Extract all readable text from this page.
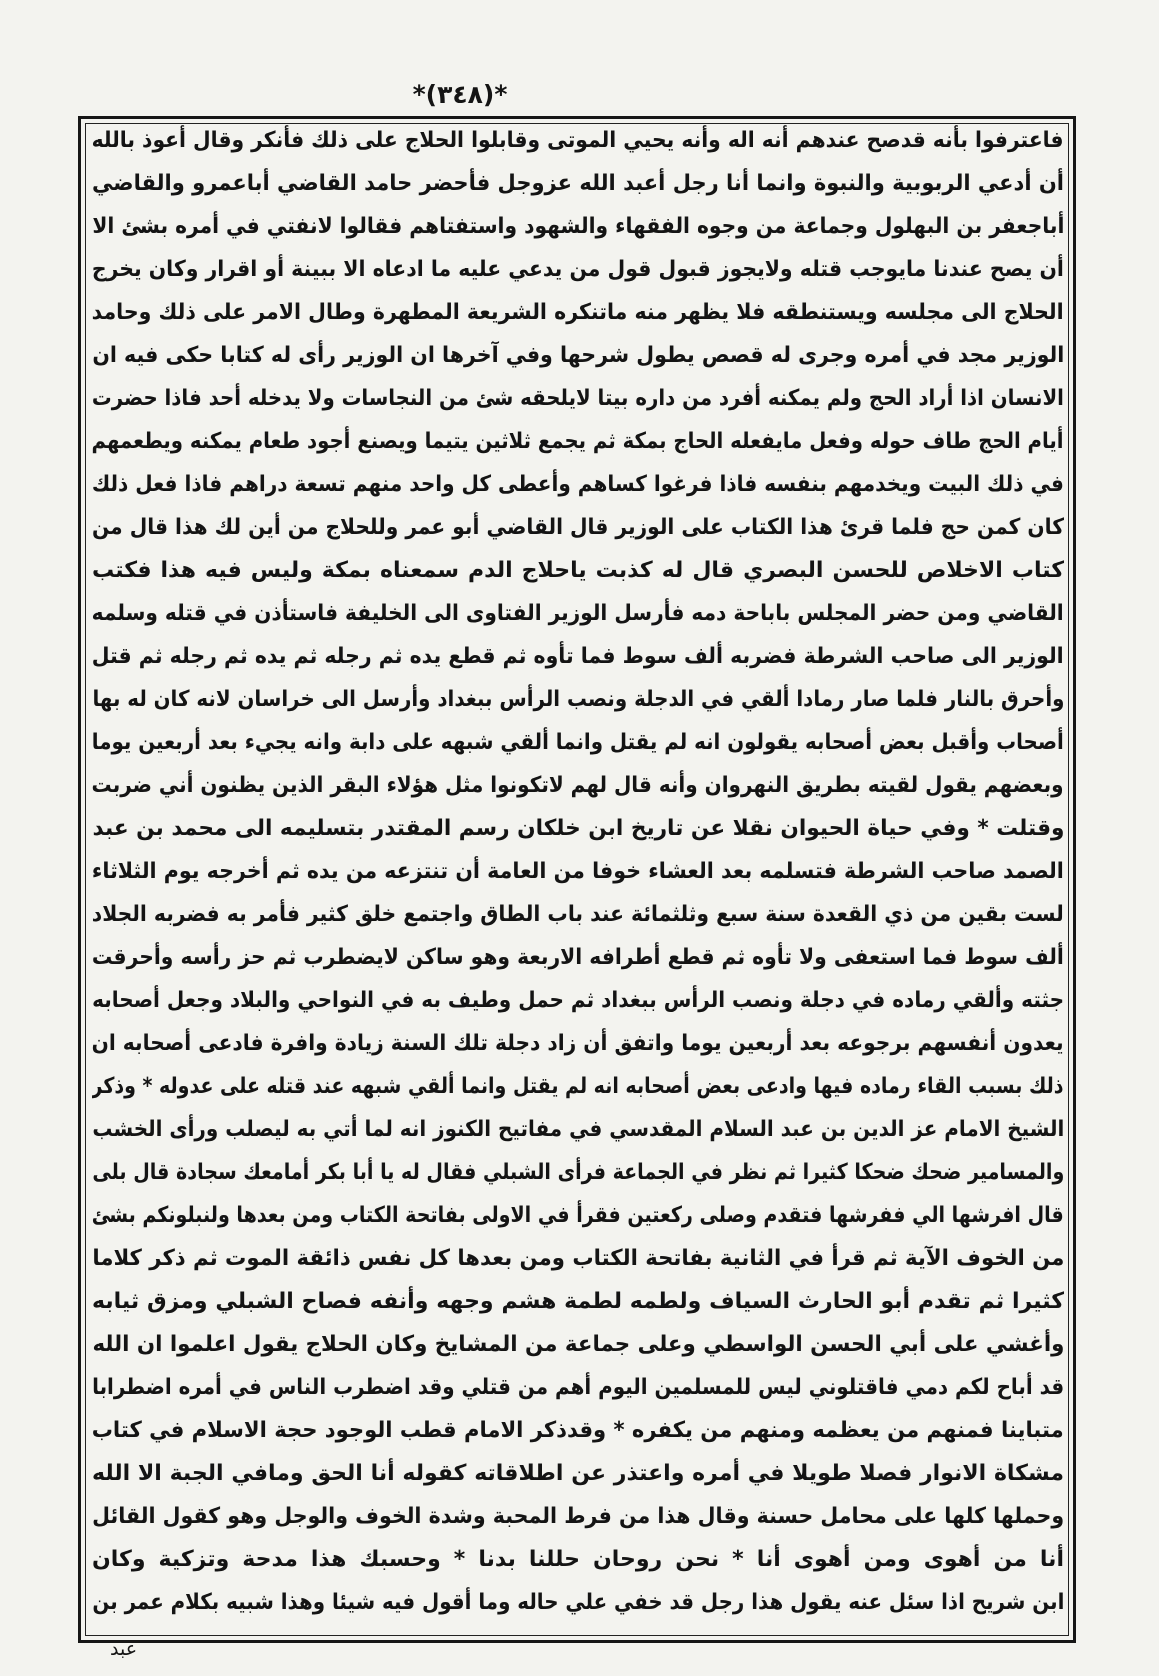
*(٣٤٨)*
فاعترفوا بأنه قدصح عندهم أنه اله وأنه يحيي الموتى وقابلوا الحلاج على ذلك فأنكر وقال أعوذ بالله
أن أدعي الربوبية والنبوة وانما أنا رجل أعبد الله عزوجل فأحضر حامد القاضي أباعمرو والقاضي
أباجعفر بن البهلول وجماعة من وجوه الفقهاء والشهود واستفتاهم فقالوا لانفتي في أمره بشئ الا
أن يصح عندنا مايوجب قتله ولايجوز قبول قول من يدعي عليه ما ادعاه الا ببينة أو اقرار وكان يخرج
الحلاج الى مجلسه ويستنطقه فلا يظهر منه ماتنكره الشريعة المطهرة وطال الامر على ذلك وحامد
الوزير مجد في أمره وجرى له قصص يطول شرحها وفي آخرها ان الوزير رأى له كتابا حكى فيه ان
الانسان اذا أراد الحج ولم يمكنه أفرد من داره بيتا لايلحقه شئ من النجاسات ولا يدخله أحد فاذا حضرت
أيام الحج طاف حوله وفعل مايفعله الحاج بمكة ثم يجمع ثلاثين يتيما ويصنع أجود طعام يمكنه ويطعمهم
في ذلك البيت ويخدمهم بنفسه فاذا فرغوا كساهم وأعطى كل واحد منهم تسعة دراهم فاذا فعل ذلك
كان كمن حج فلما قرئ هذا الكتاب على الوزير قال القاضي أبو عمر وللحلاج من أين لك هذا قال من
كتاب الاخلاص للحسن البصري قال له كذبت ياحلاج الدم سمعناه بمكة وليس فيه هذا فكتب
القاضي ومن حضر المجلس باباحة دمه فأرسل الوزير الفتاوى الى الخليفة فاستأذن في قتله وسلمه
الوزير الى صاحب الشرطة فضربه ألف سوط فما تأوه ثم قطع يده ثم رجله ثم يده ثم رجله ثم قتل
وأحرق بالنار فلما صار رمادا ألقي في الدجلة ونصب الرأس ببغداد وأرسل الى خراسان لانه كان له بها
أصحاب وأقبل بعض أصحابه يقولون انه لم يقتل وانما ألقي شبهه على دابة وانه يجيء بعد أربعين يوما
وبعضهم يقول لقيته بطريق النهروان وأنه قال لهم لاتكونوا مثل هؤلاء البقر الذين يظنون أني ضربت
وقتلت * وفي حياة الحيوان نقلا عن تاريخ ابن خلكان رسم المقتدر بتسليمه الى محمد بن عبد
الصمد صاحب الشرطة فتسلمه بعد العشاء خوفا من العامة أن تنتزعه من يده ثم أخرجه يوم الثلاثاء
لست بقين من ذي القعدة سنة سبع وثلثمائة عند باب الطاق واجتمع خلق كثير فأمر به فضربه الجلاد
ألف سوط فما استعفى ولا تأوه ثم قطع أطرافه الاربعة وهو ساكن لايضطرب ثم حز رأسه وأحرقت
جثته وألقي رماده في دجلة ونصب الرأس ببغداد ثم حمل وطيف به في النواحي والبلاد وجعل أصحابه
يعدون أنفسهم برجوعه بعد أربعين يوما واتفق أن زاد دجلة تلك السنة زيادة وافرة فادعى أصحابه ان
ذلك بسبب القاء رماده فيها وادعى بعض أصحابه انه لم يقتل وانما ألقي شبهه عند قتله على عدوله * وذكر
الشيخ الامام عز الدين بن عبد السلام المقدسي في مفاتيح الكنوز انه لما أتي به ليصلب ورأى الخشب
والمسامير ضحك ضحكا كثيرا ثم نظر في الجماعة فرأى الشبلي فقال له يا أبا بكر أمامعك سجادة قال بلى
قال افرشها الي ففرشها فتقدم وصلى ركعتين فقرأ في الاولى بفاتحة الكتاب ومن بعدها ولنبلونكم بشئ
من الخوف الآية ثم قرأ في الثانية بفاتحة الكتاب ومن بعدها كل نفس ذائقة الموت ثم ذكر كلاما
كثيرا ثم تقدم أبو الحارث السياف ولطمه لطمة هشم وجهه وأنفه فصاح الشبلي ومزق ثيابه
وأغشي على أبي الحسن الواسطي وعلى جماعة من المشايخ وكان الحلاج يقول اعلموا ان الله
قد أباح لكم دمي فاقتلوني ليس للمسلمين اليوم أهم من قتلي وقد اضطرب الناس في أمره اضطرابا
متباينا فمنهم من يعظمه ومنهم من يكفره * وقدذكر الامام قطب الوجود حجة الاسلام في كتاب
مشكاة الانوار فصلا طويلا في أمره واعتذر عن اطلاقاته كقوله أنا الحق ومافي الجبة الا الله
وحملها كلها على محامل حسنة وقال هذا من فرط المحبة وشدة الخوف والوجل وهو كقول القائل
أنا من أهوى ومن أهوى أنا * نحن روحان حللنا بدنا * وحسبك هذا مدحة وتزكية وكان
ابن شريح اذا سئل عنه يقول هذا رجل قد خفي علي حاله وما أقول فيه شيئا وهذا شبيه بكلام عمر بن
عبد
